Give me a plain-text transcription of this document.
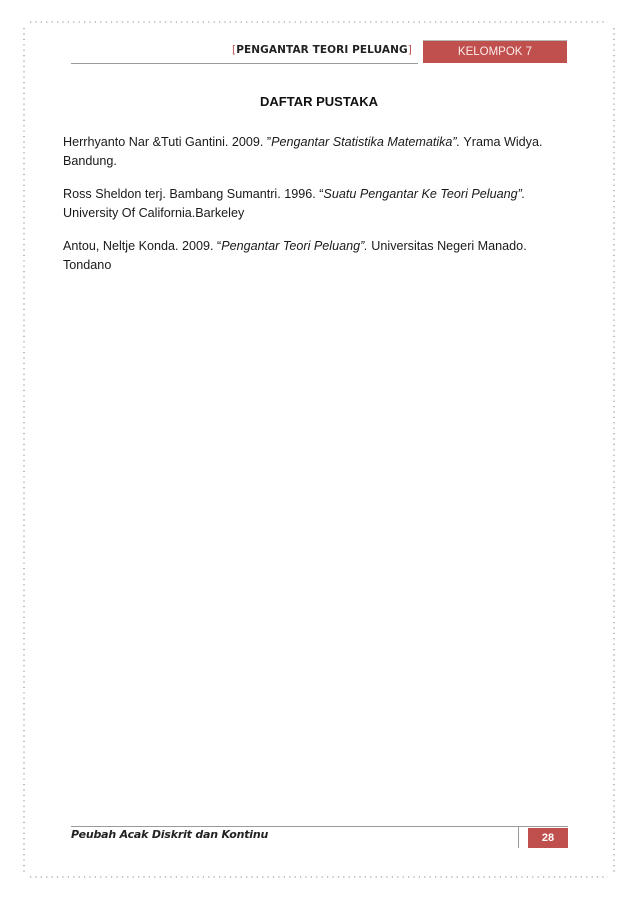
[PENGANTAR TEORI PELUANG]	KELOMPOK 7
DAFTAR PUSTAKA

Herrhyanto Nar &Tuti Gantini. 2009. ”Pengantar Statistika Matematika”. Yrama Widya. Bandung.

Ross Sheldon terj. Bambang Sumantri. 1996. “Suatu Pengantar Ke Teori Peluang”. University Of California.Barkeley

Antou, Neltje Konda. 2009. “Pengantar Teori Peluang”. Universitas Negeri Manado. Tondano

Peubah Acak Diskrit dan Kontinu	28
